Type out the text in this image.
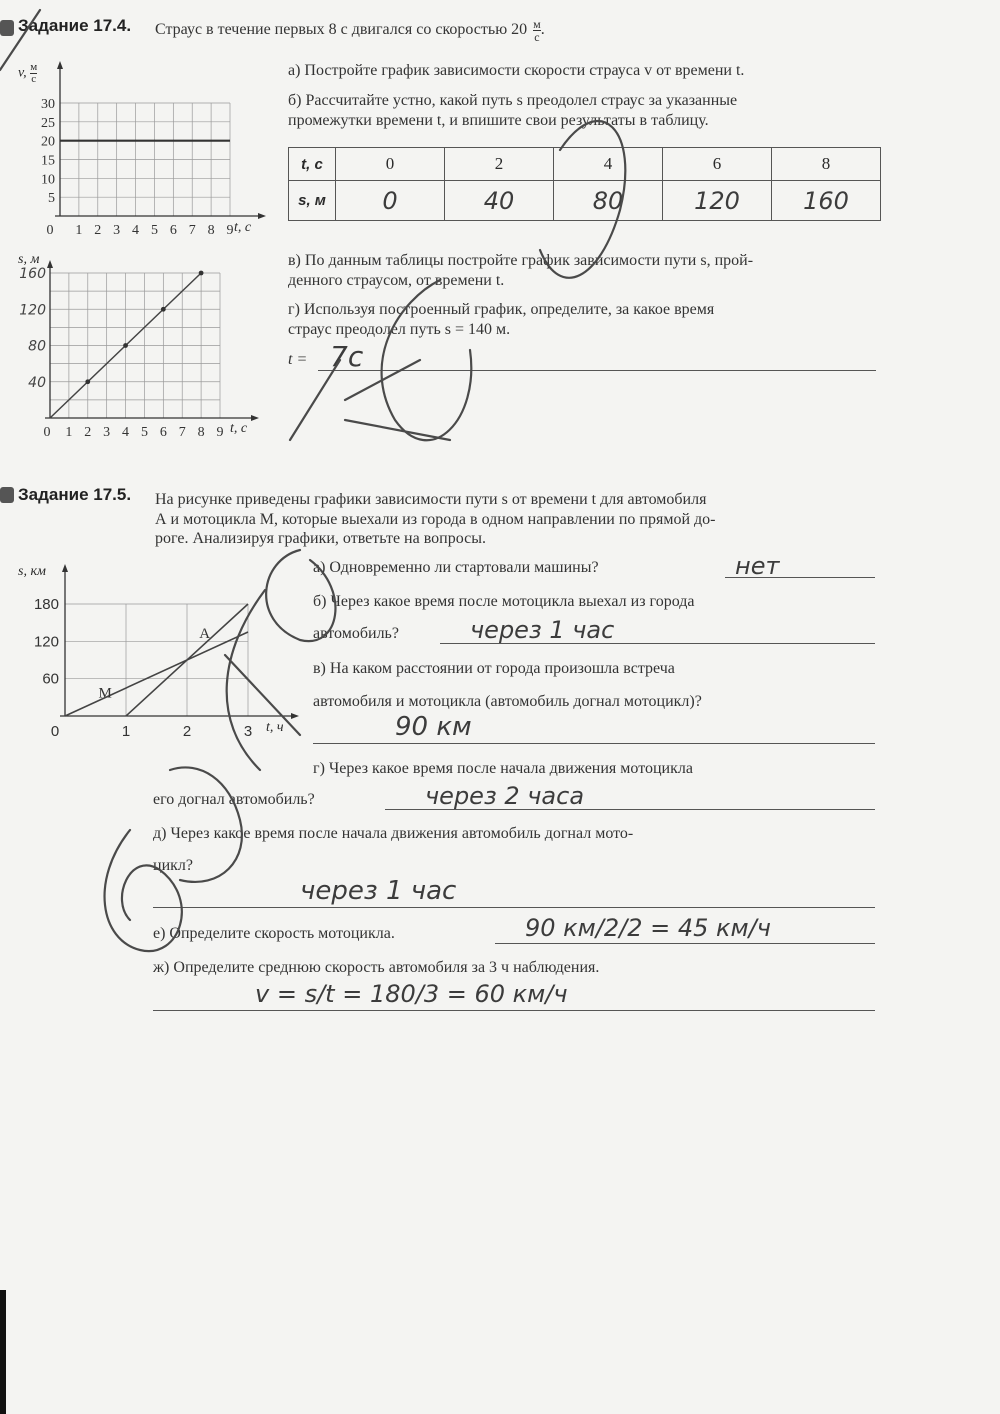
Задание 17.4. Страус в течение первых 8 с двигался со скоростью 20 м
с .
30
25
20
15
10
5
0 1 2 3 4 5 6 7 8 9
v, м
с
t, с
160
120
80
40
0 1 2 3 4 5 6 7 8 9
s, м
t, с
а) Постройте график зависимости скорости страуса v от времени t.
б) Рассчитайте устно, какой путь s преодолел страус за указанные
промежутки времени t, и впишите свои результаты в таблицу.
t, с	0	2	4	6	8
s, м	0	40	80	120	160
в) По данным таблицы постройте график зависимости пути s, прой-
денного страусом, от времени t.
г) Используя построенный график, определите, за какое время
страус преодолел путь s = 140 м.
t = 7c
Задание 17.5. На рисунке приведены графики зависимости пути s от времени t для автомобиля
А и мотоцикла М, которые выехали из города в одном направлении по прямой до-
роге. Анализируя графики, ответьте на вопросы.
180
120
60
0	1	2	3
A
M
s, км
t, ч
а) Одновременно ли стартовали машины?	нет
б) Через какое время после мотоцикла выехал из города
автомобиль?	через 1 час
в) На каком расстоянии от города произошла встреча
автомобиля и мотоцикла (автомобиль догнал мотоцикл)?
90 км
г) Через какое время после начала движения мотоцикла
его догнал автомобиль?	через 2 часа
д) Через какое время после начала движения автомобиль догнал мото-
цикл?
через 1 час
е) Определите скорость мотоцикла.	90 км/2/2 = 45 км/ч
ж) Определите среднюю скорость автомобиля за 3 ч наблюдения.
v = s/t = 180/3 = 60 км/ч
